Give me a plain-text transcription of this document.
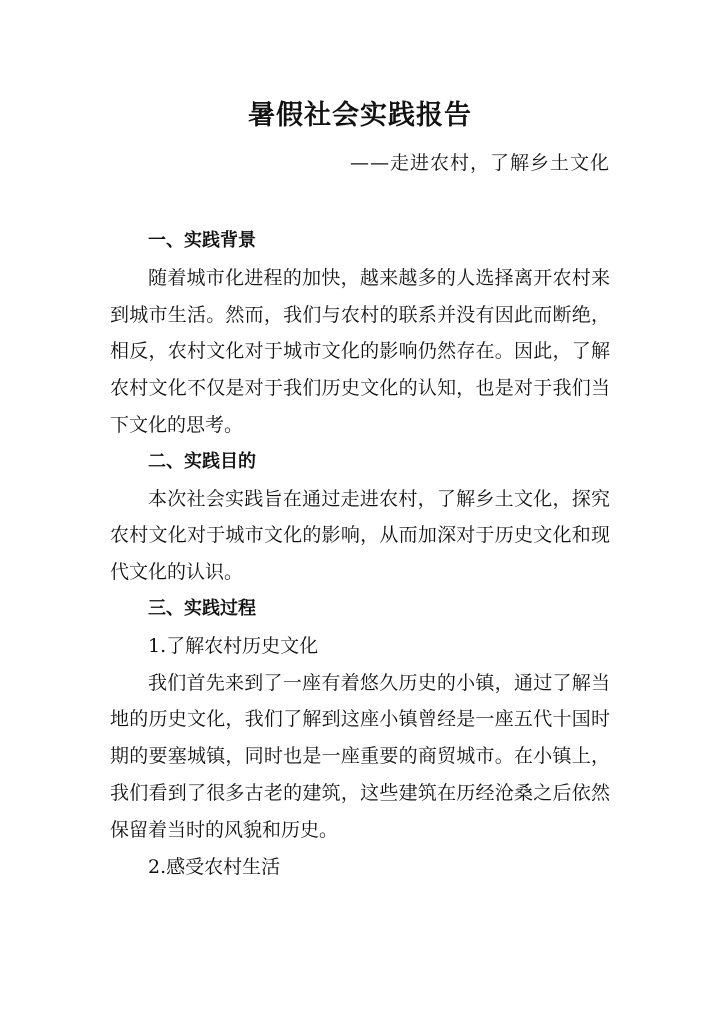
暑假社会实践报告
——走进农村，了解乡土文化
一、实践背景
随着城市化进程的加快，越来越多的人选择离开农村来
到城市生活。然而，我们与农村的联系并没有因此而断绝，
相反，农村文化对于城市文化的影响仍然存在。因此，了解
农村文化不仅是对于我们历史文化的认知，也是对于我们当
下文化的思考。
二、实践目的
本次社会实践旨在通过走进农村，了解乡土文化，探究
农村文化对于城市文化的影响，从而加深对于历史文化和现
代文化的认识。
三、实践过程
1.了解农村历史文化
我们首先来到了一座有着悠久历史的小镇，通过了解当
地的历史文化，我们了解到这座小镇曾经是一座五代十国时
期的要塞城镇，同时也是一座重要的商贸城市。在小镇上，
我们看到了很多古老的建筑，这些建筑在历经沧桑之后依然
保留着当时的风貌和历史。
2.感受农村生活
